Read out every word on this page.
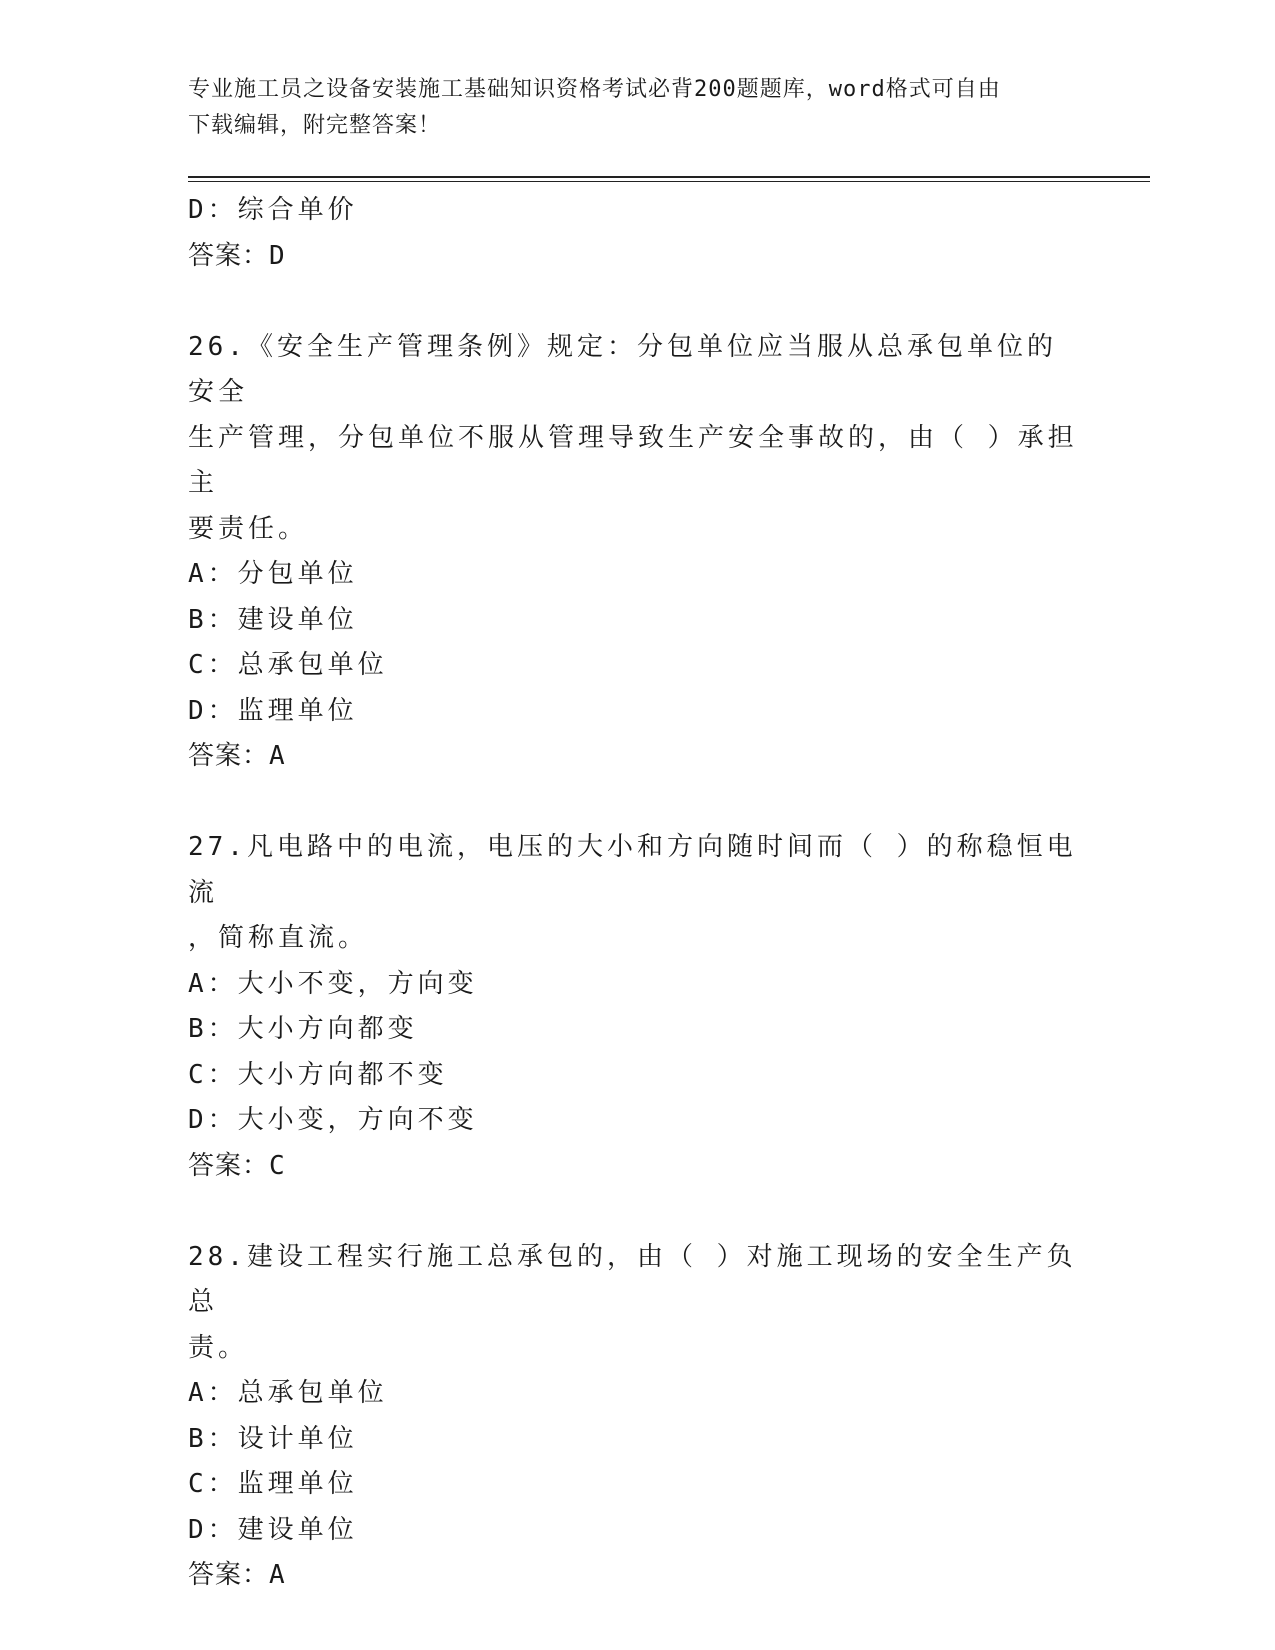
专业施工员之设备安装施工基础知识资格考试必背200题题库，word格式可自由
下载编辑，附完整答案！
D：综合单价
答案：D
26.《安全生产管理条例》规定：分包单位应当服从总承包单位的安全
生产管理，分包单位不服从管理导致生产安全事故的，由（ ）承担主
要责任。
A：分包单位
B：建设单位
C：总承包单位
D：监理单位
答案：A
27.凡电路中的电流，电压的大小和方向随时间而（ ）的称稳恒电流
，简称直流。
A：大小不变，方向变
B：大小方向都变
C：大小方向都不变
D：大小变，方向不变
答案：C
28.建设工程实行施工总承包的，由（ ）对施工现场的安全生产负总
责。
A：总承包单位
B：设计单位
C：监理单位
D：建设单位
答案：A
